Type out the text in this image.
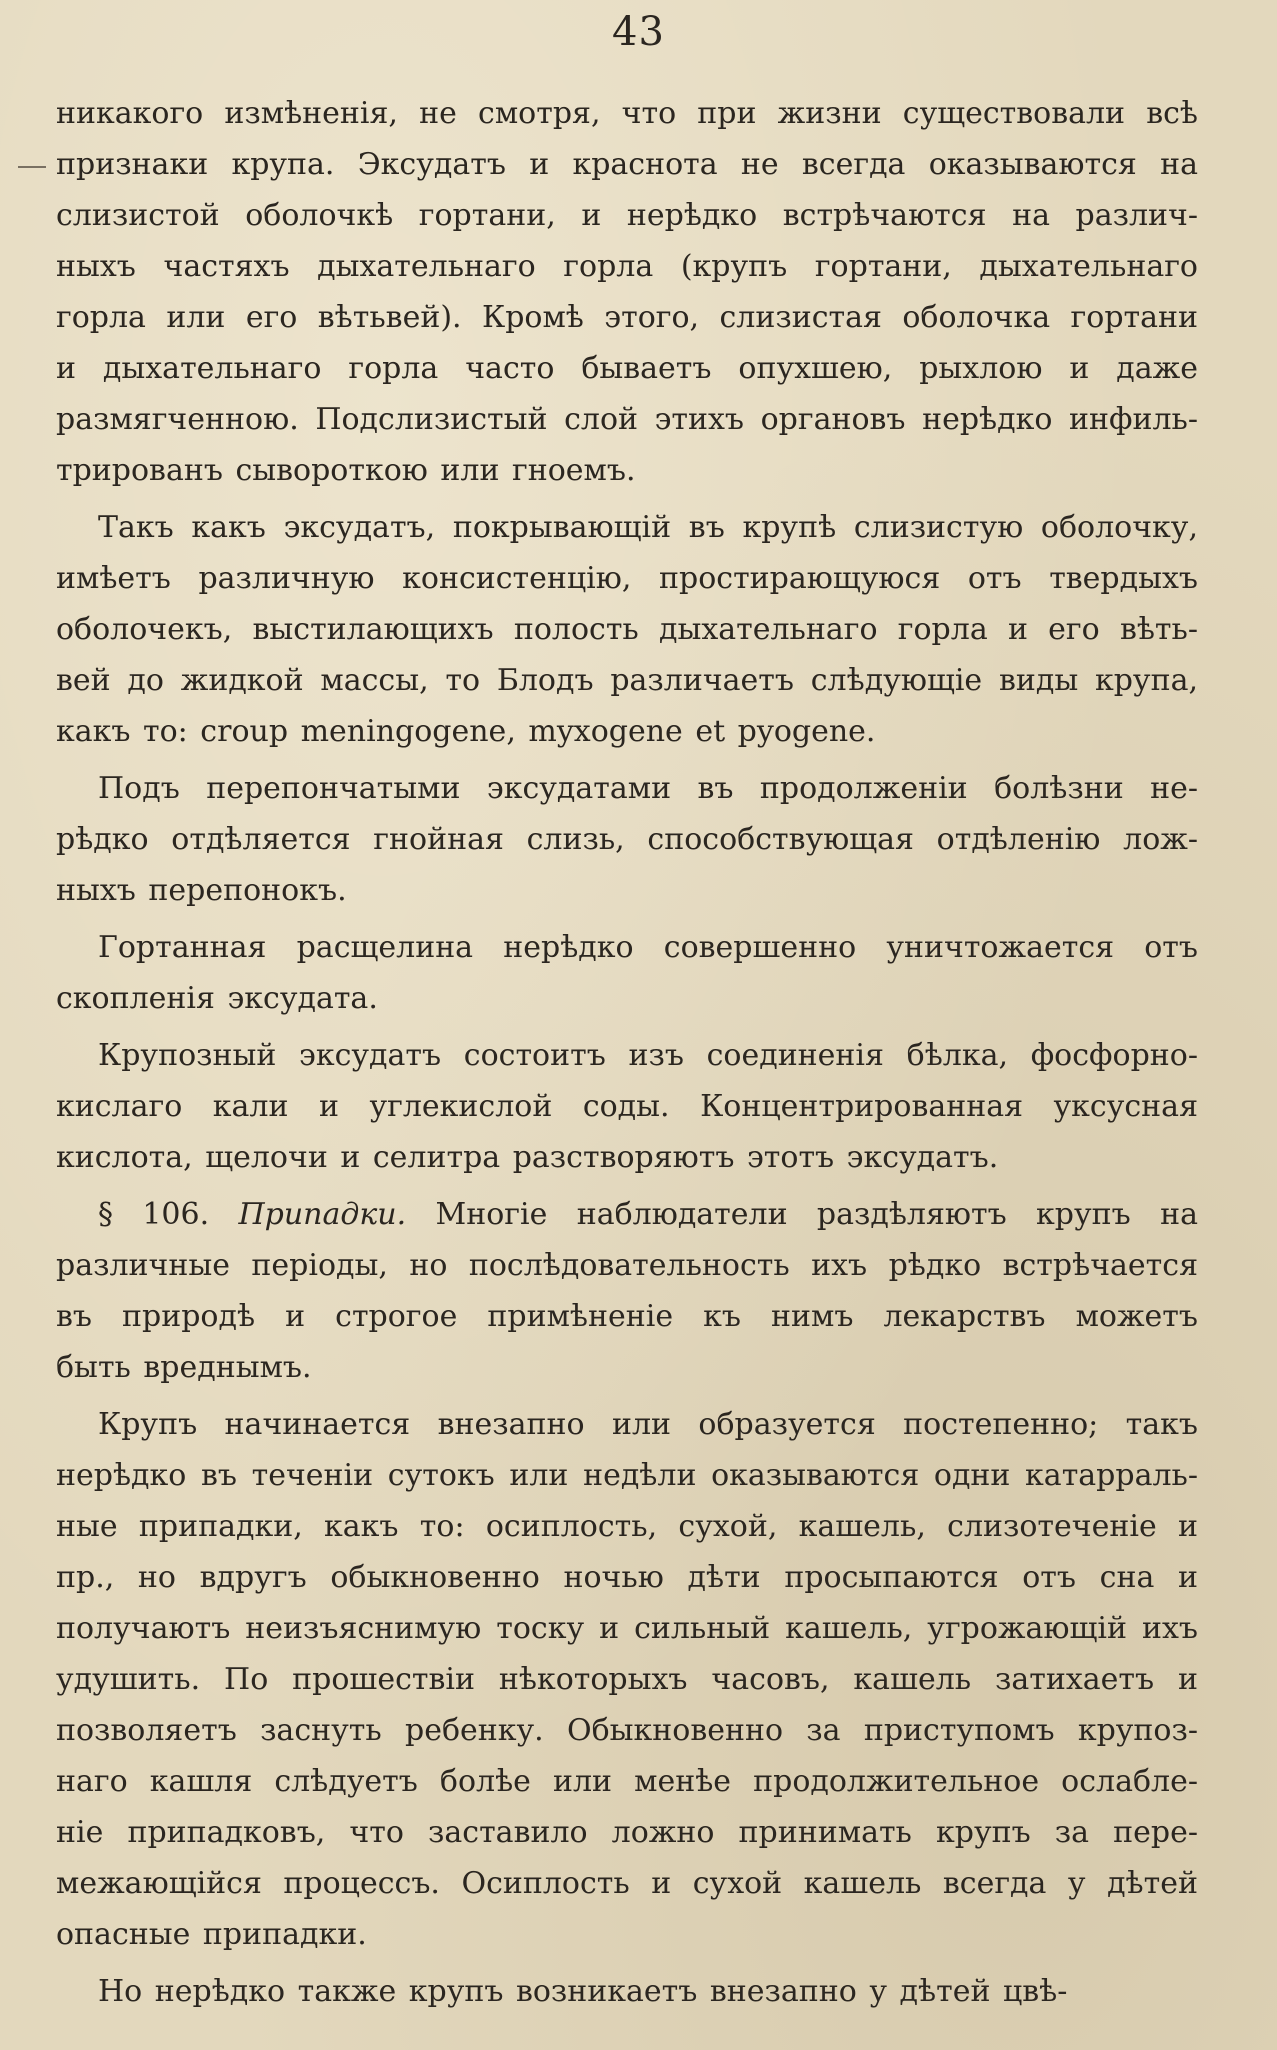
43
никакого измѣненія, не смотря, что при жизни существовали всѣ
признаки крупа. Эксудатъ и краснота не всегда оказываются на
слизистой оболочкѣ гортани, и нерѣдко встрѣчаются на различ-
ныхъ частяхъ дыхательнаго горла (крупъ гортани, дыхательнаго
горла или его вѣтьвей). Кромѣ этого, слизистая оболочка гортани
и дыхательнаго горла часто бываетъ опухшею, рыхлою и даже
размягченною. Подслизистый слой этихъ органовъ нерѣдко инфиль-
трированъ сывороткою или гноемъ.
Такъ какъ эксудатъ, покрывающій въ крупѣ слизистую оболочку,
имѣетъ различную консистенцію, простирающуюся отъ твердыхъ
оболочекъ, выстилающихъ полость дыхательнаго горла и его вѣть-
вей до жидкой массы, то Блодъ различаетъ слѣдующіе виды крупа,
какъ то: croup meningogene, myxogene et pyogene.
Подъ перепончатыми эксудатами въ продолженіи болѣзни не-
рѣдко отдѣляется гнойная слизь, способствующая отдѣленію лож-
ныхъ перепонокъ.
Гортанная расщелина нерѣдко совершенно уничтожается отъ
скопленія эксудата.
Крупозный эксудатъ состоитъ изъ соединенія бѣлка, фосфорно-
кислаго кали и углекислой соды. Концентрированная уксусная
кислота, щелочи и селитра разстворяютъ этотъ эксудатъ.
§ 106. Припадки. Многіе наблюдатели раздѣляютъ крупъ на
различные періоды, но послѣдовательность ихъ рѣдко встрѣчается
въ природѣ и строгое примѣненіе къ нимъ лекарствъ можетъ
быть вреднымъ.
Крупъ начинается внезапно или образуется постепенно; такъ
нерѣдко въ теченіи сутокъ или недѣли оказываются одни катарраль-
ные припадки, какъ то: осиплость, сухой, кашель, слизотеченіе и
пр., но вдругъ обыкновенно ночью дѣти просыпаются отъ сна и
получаютъ неизъяснимую тоску и сильный кашель, угрожающій ихъ
удушить. По прошествіи нѣкоторыхъ часовъ, кашель затихаетъ и
позволяетъ заснуть ребенку. Обыкновенно за приступомъ крупоз-
наго кашля слѣдуетъ болѣе или менѣе продолжительное ослабле-
ніе припадковъ, что заставило ложно принимать крупъ за пере-
межающійся процессъ. Осиплость и сухой кашель всегда у дѣтей
опасные припадки.
Но нерѣдко также крупъ возникаетъ внезапно у дѣтей цвѣ-
